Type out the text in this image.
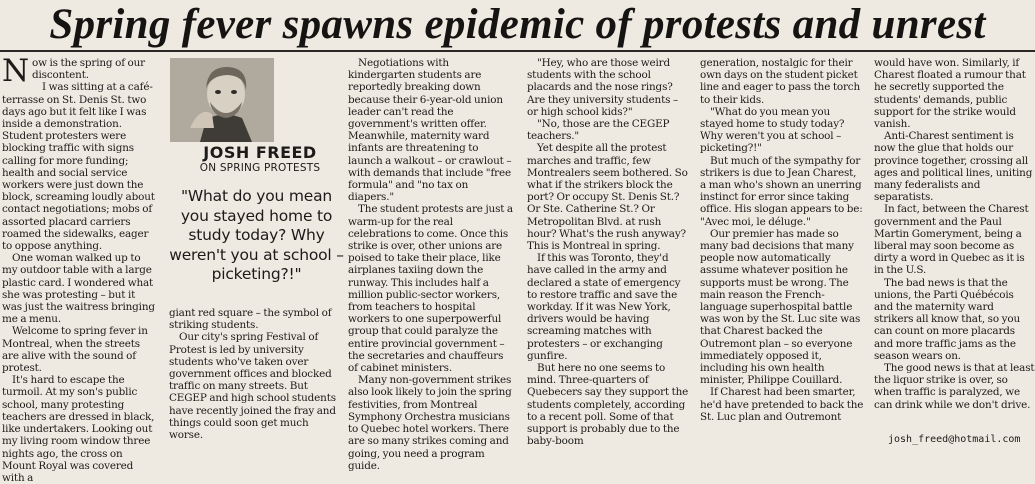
Spring fever spawns epidemic of protests and unrest

Now is the spring of our discontent.

I was sitting at a café-terrasse on St. Denis St. two days ago but it felt like I was inside a demonstration. Student protesters were blocking traffic with signs calling for more funding; health and social service workers were just down the block, screaming loudly about contact negotiations; mobs of assorted placard carriers roamed the sidewalks, eager to oppose anything.

One woman walked up to my outdoor table with a large plastic card. I wondered what she was protesting – but it was just the waitress bringing me a menu.

Welcome to spring fever in Montreal, when the streets are alive with the sound of protest.

It's hard to escape the turmoil. At my son's public school, many protesting teachers are dressed in black, like undertakers. Looking out my living room window three nights ago, the cross on Mount Royal was covered with a

JOSH FREED
ON SPRING PROTESTS
"What do you mean you stayed home to study today? Why weren't you at school – picketing?!"

giant red square – the symbol of striking students.

Our city's spring Festival of Protest is led by university students who've taken over government offices and blocked traffic on many streets. But CEGEP and high school students have recently joined the fray and things could soon get much worse.

Negotiations with kindergarten students are reportedly breaking down because their 6-year-old union leader can't read the government's written offer. Meanwhile, maternity ward infants are threatening to launch a walkout – or crawlout – with demands that include "free formula" and "no tax on diapers."

The student protests are just a warm-up for the real celebrations to come. Once this strike is over, other unions are poised to take their place, like airplanes taxiing down the runway. This includes half a million public-sector workers, from teachers to hospital workers to one superpowerful group that could paralyze the entire provincial government – the secretaries and chauffeurs of cabinet ministers.

Many non-government strikes also look likely to join the spring festivities, from Montreal Symphony Orchestra musicians to Quebec hotel workers. There are so many strikes coming and going, you need a program guide.

"Hey, who are those weird students with the school placards and the nose rings? Are they university students – or high school kids?"

"No, those are the CEGEP teachers."

Yet despite all the protest marches and traffic, few Montrealers seem bothered. So what if the strikers block the port? Or occupy St. Denis St.? Or Ste. Catherine St.? Or Metropolitan Blvd. at rush hour? What's the rush anyway? This is Montreal in spring.

If this was Toronto, they'd have called in the army and declared a state of emergency to restore traffic and save the workday. If it was New York, drivers would be having screaming matches with protesters – or exchanging gunfire.

But here no one seems to mind. Three-quarters of Quebecers say they support the students completely, according to a recent poll. Some of that support is probably due to the baby-boom

generation, nostalgic for their own days on the student picket line and eager to pass the torch to their kids.

"What do you mean you stayed home to study today? Why weren't you at school – picketing?!"

But much of the sympathy for strikers is due to Jean Charest, a man who's shown an unerring instinct for error since taking office. His slogan appears to be: "Avec moi, le déluge."

Our premier has made so many bad decisions that many people now automatically assume whatever position he supports must be wrong. The main reason the French-language superhospital battle was won by the St. Luc site was that Charest backed the Outremont plan – so everyone immediately opposed it, including his own health minister, Philippe Couillard.

If Charest had been smarter, he'd have pretended to back the St. Luc plan and Outremont

would have won. Similarly, if Charest floated a rumour that he secretly supported the students' demands, public support for the strike would vanish.

Anti-Charest sentiment is now the glue that holds our province together, crossing all ages and political lines, uniting many federalists and separatists.

In fact, between the Charest government and the Paul Martin Gomeryment, being a liberal may soon become as dirty a word in Quebec as it is in the U.S.

The bad news is that the unions, the Parti Québécois and the maternity ward strikers all know that, so you can count on more placards and more traffic jams as the season wears on.

The good news is that at least the liquor strike is over, so when traffic is paralyzed, we can drink while we don't drive.

josh_freed@hotmail.com
